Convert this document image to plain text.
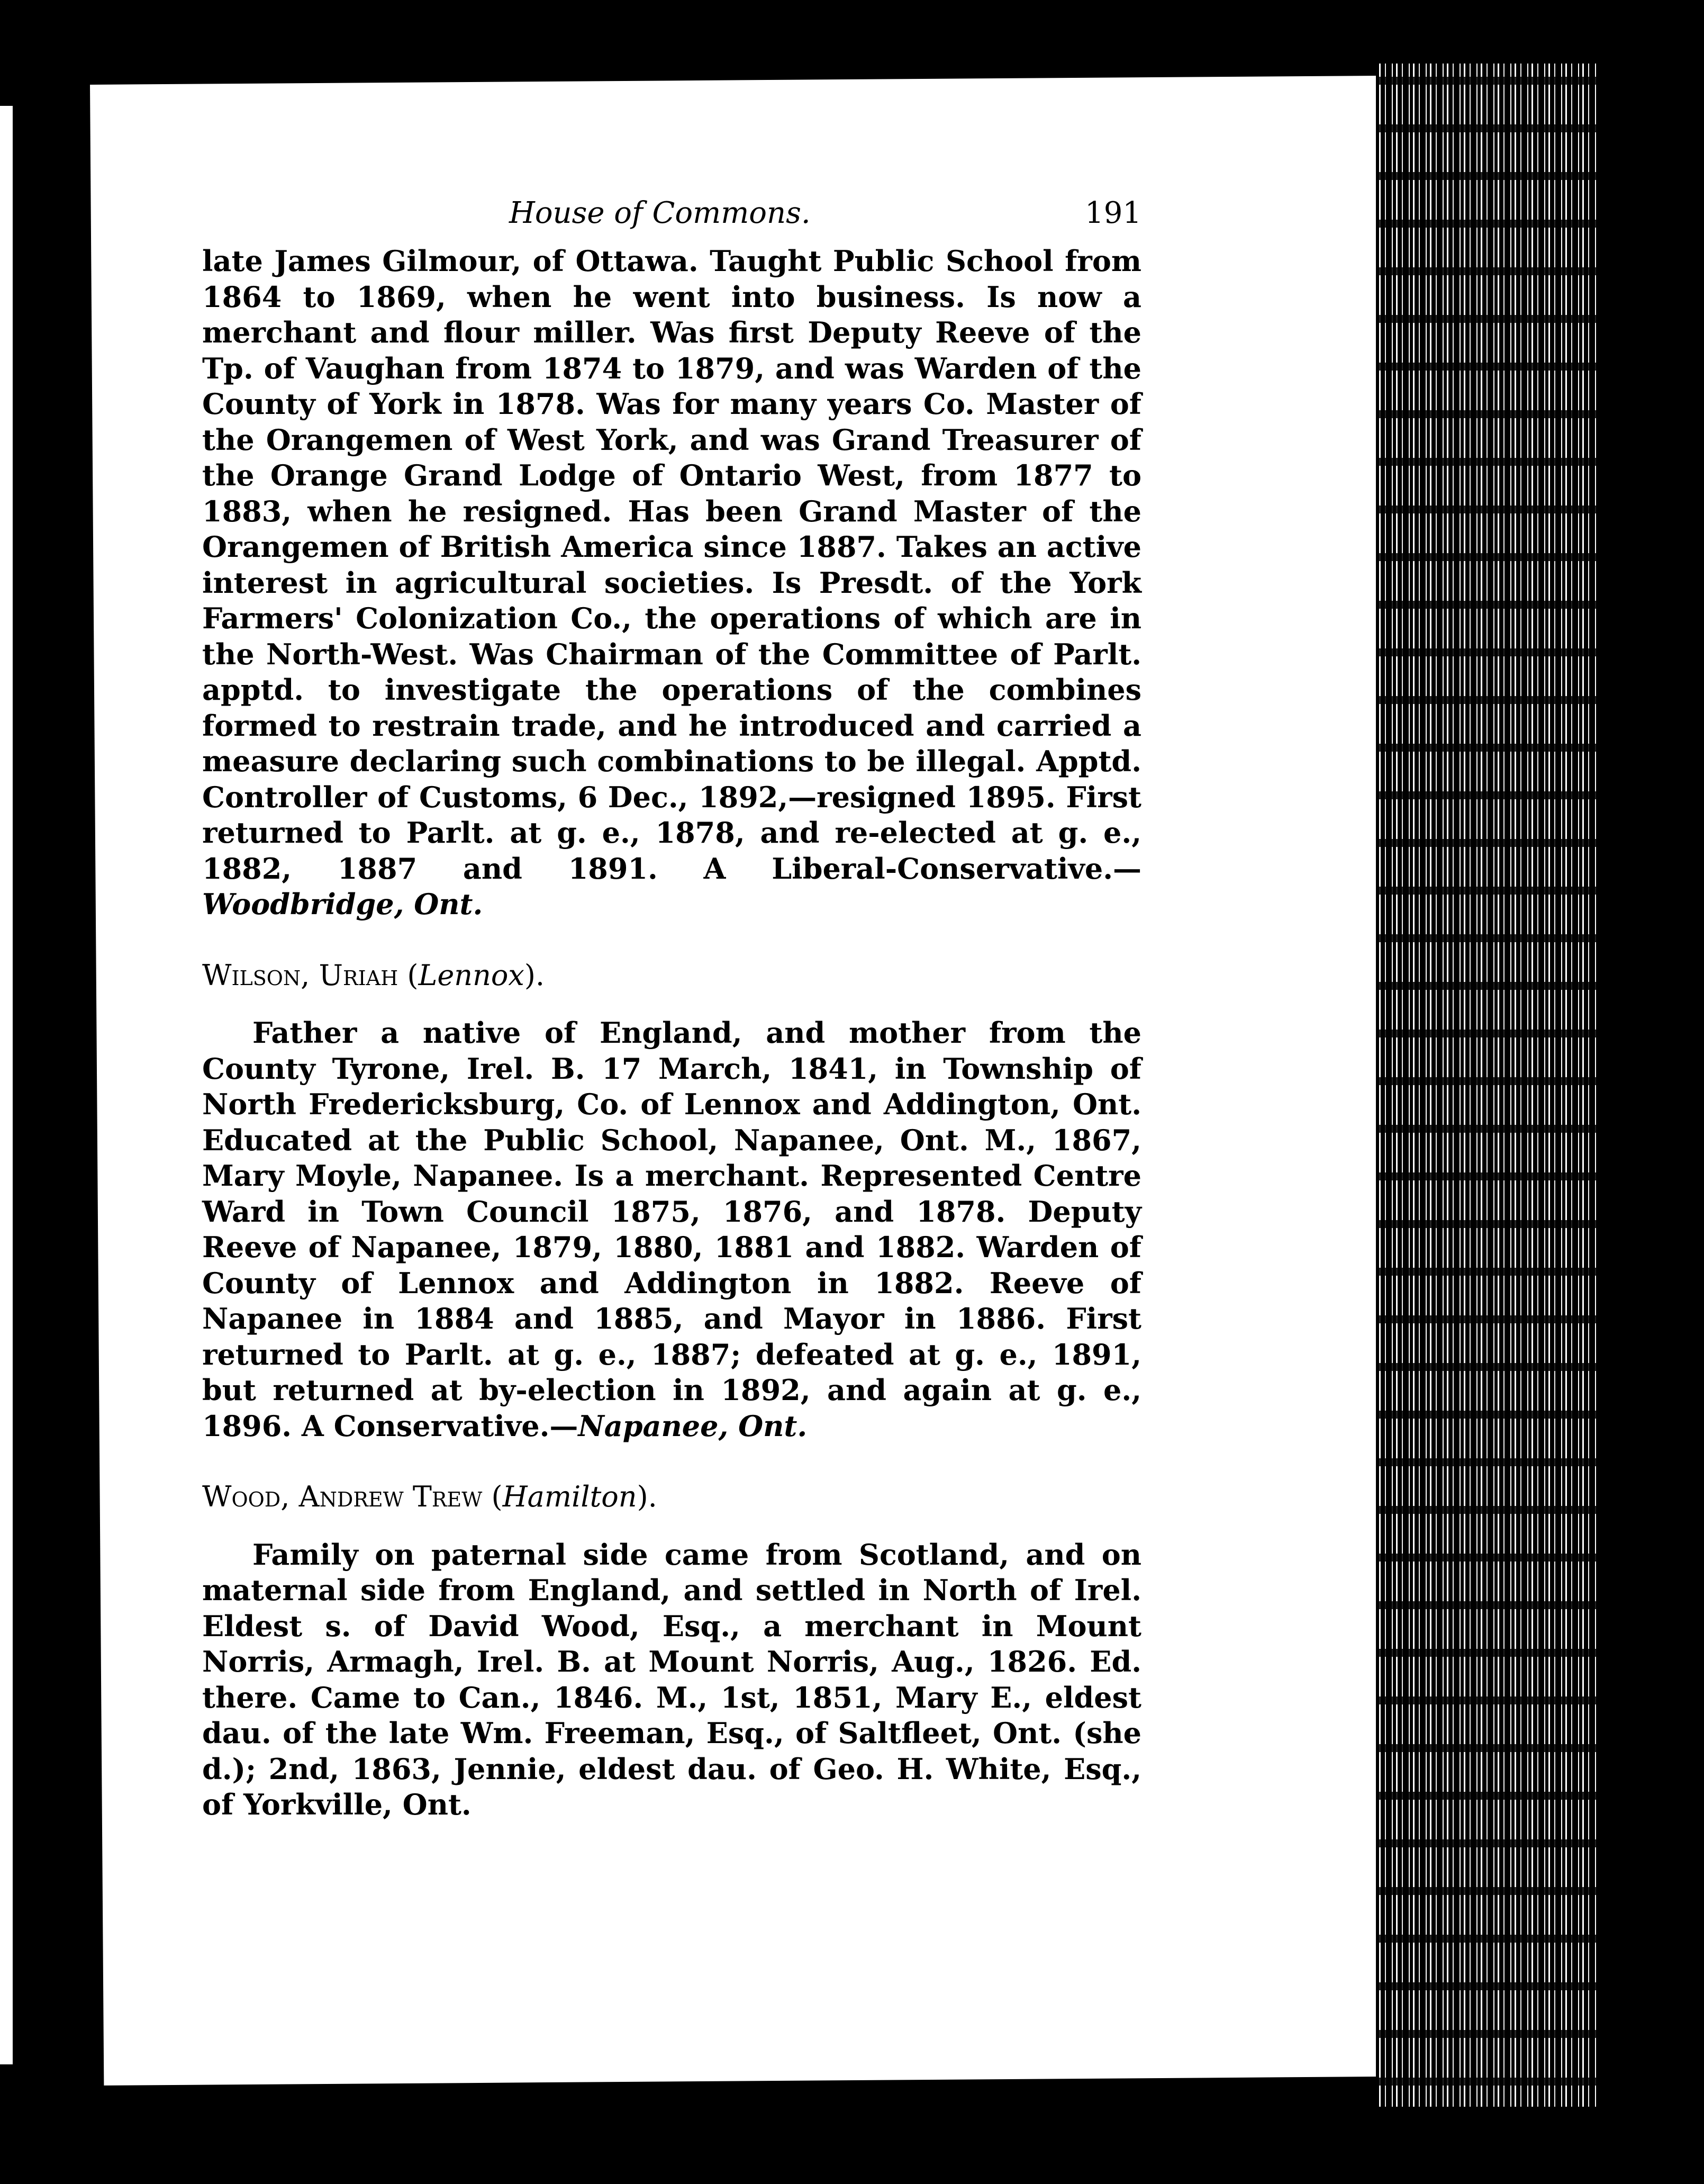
House of Commons.	191

late James Gilmour, of Ottawa. Taught Public School from 1864 to 1869, when he went into business. Is now a merchant and flour miller. Was first Deputy Reeve of the Tp. of Vaughan from 1874 to 1879, and was Warden of the County of York in 1878. Was for many years Co. Master of the Orangemen of West York, and was Grand Treasurer of the Orange Grand Lodge of Ontario West, from 1877 to 1883, when he resigned. Has been Grand Master of the Orangemen of British America since 1887. Takes an active interest in agricultural societies. Is Presdt. of the York Farmers' Colonization Co., the operations of which are in the North-West. Was Chairman of the Committee of Parlt. apptd. to investigate the operations of the combines formed to restrain trade, and he introduced and carried a measure declaring such combinations to be illegal. Apptd. Controller of Customs, 6 Dec., 1892,—resigned 1895. First returned to Parlt. at g. e., 1878, and re-elected at g. e., 1882, 1887 and 1891. A Liberal-Conservative.—Woodbridge, Ont.

Wilson, Uriah (Lennox).

Father a native of England, and mother from the County Tyrone, Irel. B. 17 March, 1841, in Township of North Fredericksburg, Co. of Lennox and Addington, Ont. Educated at the Public School, Napanee, Ont. M., 1867, Mary Moyle, Napanee. Is a merchant. Represented Centre Ward in Town Council 1875, 1876, and 1878. Deputy Reeve of Napanee, 1879, 1880, 1881 and 1882. Warden of County of Lennox and Addington in 1882. Reeve of Napanee in 1884 and 1885, and Mayor in 1886. First returned to Parlt. at g. e., 1887; defeated at g. e., 1891, but returned at by-election in 1892, and again at g. e., 1896. A Conservative.—Napanee, Ont.

Wood, Andrew Trew (Hamilton).

Family on paternal side came from Scotland, and on maternal side from England, and settled in North of Irel. Eldest s. of David Wood, Esq., a merchant in Mount Norris, Armagh, Irel. B. at Mount Norris, Aug., 1826. Ed. there. Came to Can., 1846. M., 1st, 1851, Mary E., eldest dau. of the late Wm. Freeman, Esq., of Saltfleet, Ont. (she d.); 2nd, 1863, Jennie, eldest dau. of Geo. H. White, Esq., of Yorkville, Ont.
